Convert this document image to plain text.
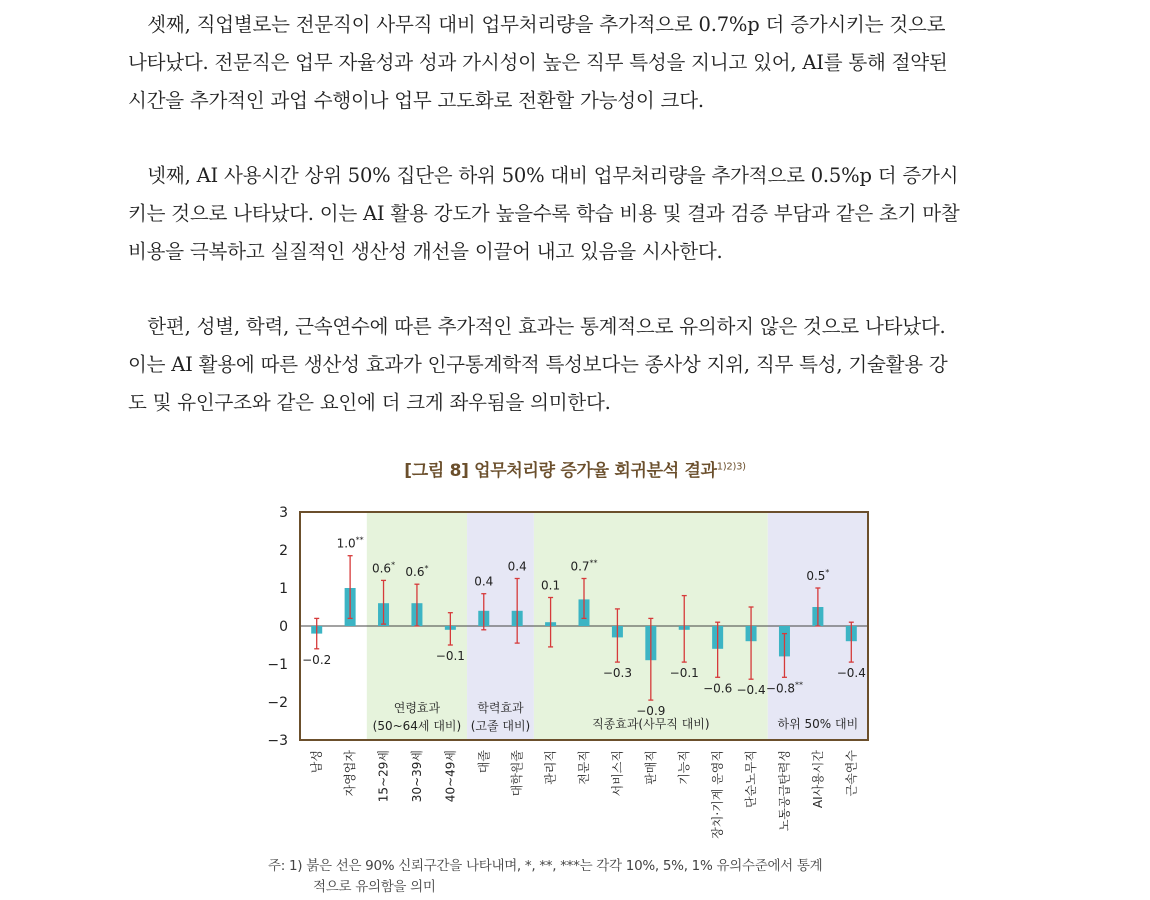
　셋째, 직업별로는 전문직이 사무직 대비 업무처리량을 추가적으로 0.7%p 더 증가시키는 것으로
나타났다. 전문직은 업무 자율성과 성과 가시성이 높은 직무 특성을 지니고 있어, AI를 통해 절약된
시간을 추가적인 과업 수행이나 업무 고도화로 전환할 가능성이 크다.

　넷째, AI 사용시간 상위 50% 집단은 하위 50% 대비 업무처리량을 추가적으로 0.5%p 더 증가시
키는 것으로 나타났다. 이는 AI 활용 강도가 높을수록 학습 비용 및 결과 검증 부담과 같은 초기 마찰
비용을 극복하고 실질적인 생산성 개선을 이끌어 내고 있음을 시사한다.

　한편, 성별, 학력, 근속연수에 따른 추가적인 효과는 통계적으로 유의하지 않은 것으로 나타났다.
이는 AI 활용에 따른 생산성 효과가 인구통계학적 특성보다는 종사상 지위, 직무 특성, 기술활용 강
도 및 유인구조와 같은 요인에 더 크게 좌우됨을 의미한다.

[그림 8] 업무처리량 증가율 회귀분석 결과$^{1)2)3)}$

연령효과
(50~64세 대비)
학력효과
(고졸 대비)	직종효과(사무직 대비)	하위 50% 대비
−0.2
1.0**
0.6*
0.6*
−0.1
0.4
0.4
0.1
0.7**
−0.3
−0.9
−0.1
−0.6 −0.4 −0.8**
0.5*
−0.4
3
2
1
0
−1
−2
−3
남성 자영업자 15~29세 30~39세 40~49세 대졸 대학원졸 관리직 전문직 서비스직 판매직 기능직 장치·기계 운영직 단순노무직 노동공급탄력성 AI사용시간 근속연수

주: 1) 붉은 선은 90% 신뢰구간을 나타내며, *, **, ***는 각각 10%, 5%, 1% 유의수준에서 통계
적으로 유의함을 의미
